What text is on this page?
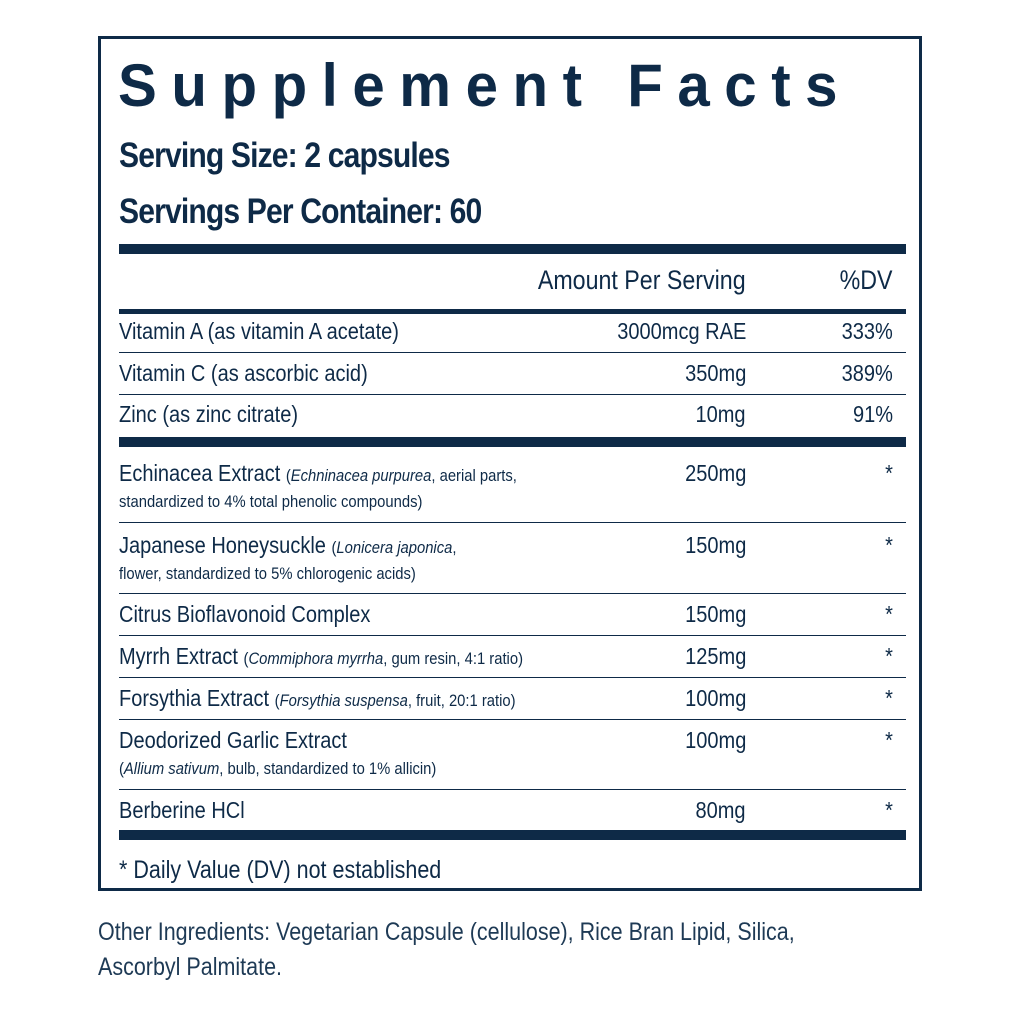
Supplement Facts
Serving Size: 2 capsules
Servings Per Container: 60
Amount Per Serving	%DV
Vitamin A (as vitamin A acetate)	3000mcg RAE	333%
Vitamin C (as ascorbic acid)	350mg	389%
Zinc (as zinc citrate)	10mg	91%
Echinacea Extract (Echninacea purpurea, aerial parts,
standardized to 4% total phenolic compounds)
250mg	*
Japanese Honeysuckle (Lonicera japonica,
flower, standardized to 5% chlorogenic acids)
150mg	*
Citrus Bioflavonoid Complex	150mg	*
Myrrh Extract (Commiphora myrrha, gum resin, 4:1 ratio)	125mg	*
Forsythia Extract (Forsythia suspensa, fruit, 20:1 ratio)	100mg	*
Deodorized Garlic Extract
(Allium sativum, bulb, standardized to 1% allicin)
100mg	*
Berberine HCl	80mg	*
* Daily Value (DV) not established
Other Ingredients: Vegetarian Capsule (cellulose), Rice Bran Lipid, Silica, Ascorbyl Palmitate.
